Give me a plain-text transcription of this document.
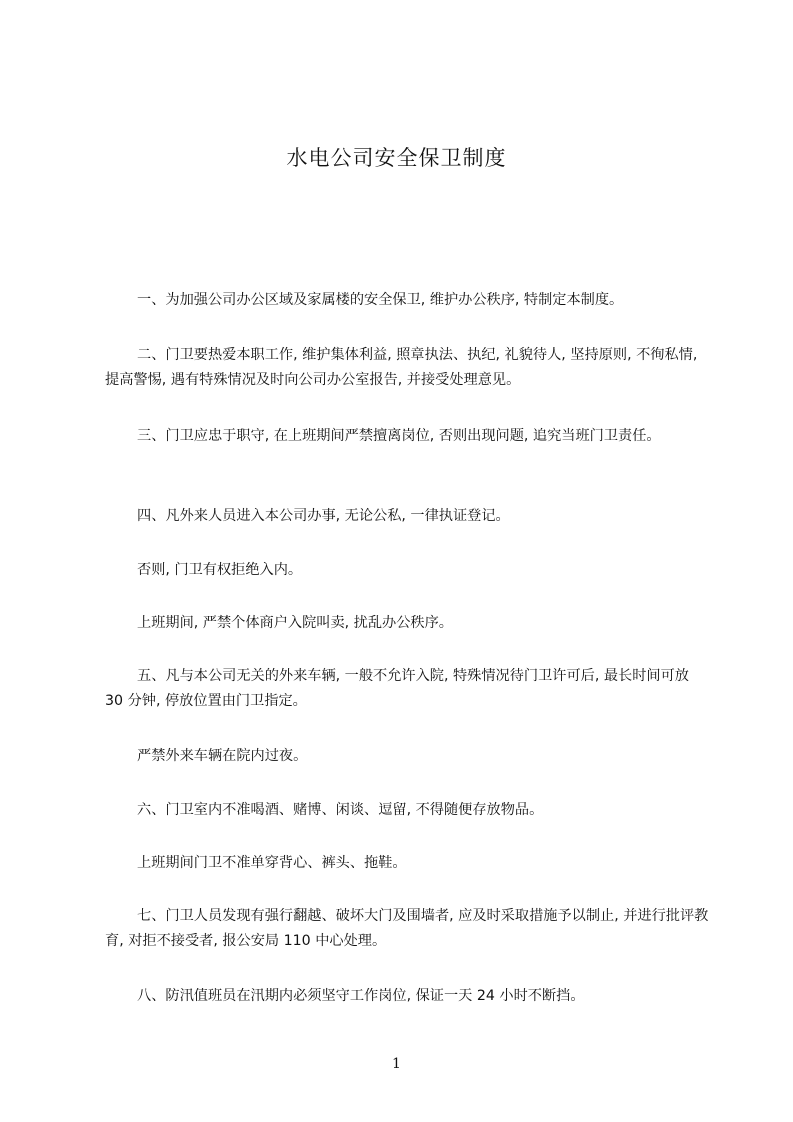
水电公司安全保卫制度
一、为加强公司办公区域及家属楼的安全保卫, 维护办公秩序, 特制定本制度。
二、门卫要热爱本职工作, 维护集体利益, 照章执法、执纪, 礼貌待人, 坚持原则, 不徇私情, 提高警惕, 遇有特殊情况及时向公司办公室报告, 并接受处理意见。
三、门卫应忠于职守, 在上班期间严禁擅离岗位, 否则出现问题, 追究当班门卫责任。
四、凡外来人员进入本公司办事, 无论公私, 一律执证登记。
否则, 门卫有权拒绝入内。
上班期间, 严禁个体商户入院叫卖, 扰乱办公秩序。
五、凡与本公司无关的外来车辆, 一般不允许入院, 特殊情况待门卫许可后, 最长时间可放 30 分钟, 停放位置由门卫指定。
严禁外来车辆在院内过夜。
六、门卫室内不准喝酒、赌博、闲谈、逗留, 不得随便存放物品。
上班期间门卫不准单穿背心、裤头、拖鞋。
七、门卫人员发现有强行翻越、破坏大门及围墙者, 应及时采取措施予以制止, 并进行批评教育, 对拒不接受者, 报公安局 110 中心处理。
八、防汛值班员在汛期内必须坚守工作岗位, 保证一天 24 小时不断挡。
1
